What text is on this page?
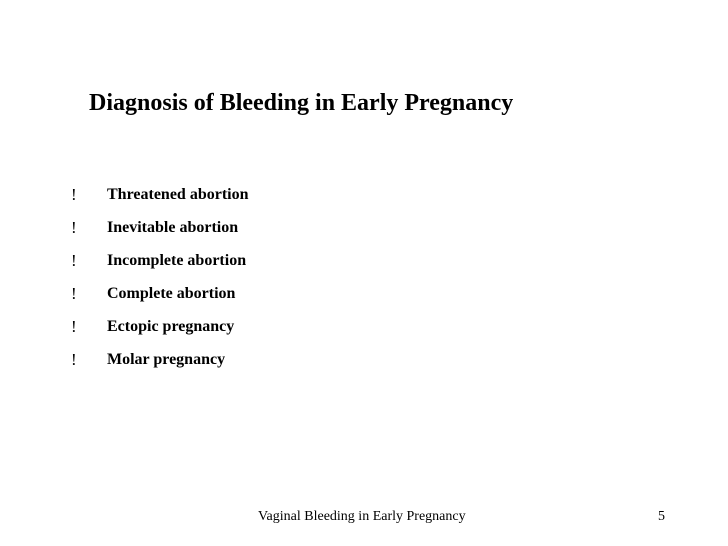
Diagnosis of Bleeding in Early Pregnancy
!	Threatened abortion
!	Inevitable abortion
!	Incomplete abortion
!	Complete abortion
!	Ectopic pregnancy
!	Molar pregnancy
Vaginal Bleeding in Early Pregnancy	5
